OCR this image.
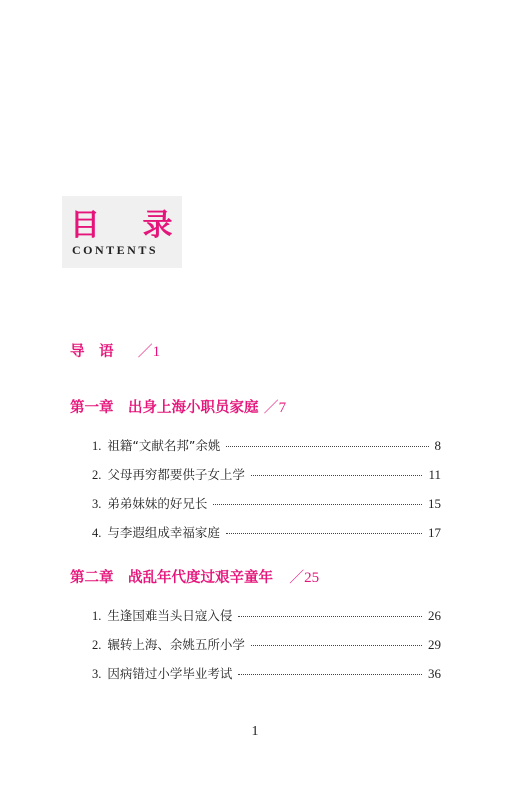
目 录
CONTENTS
导　语 ／1
第一章　出身上海小职员家庭 ／7
1. 祖籍“文献名邦”余姚	8
2. 父母再穷都要供子女上学	11
3. 弟弟妹妹的好兄长	15
4. 与李遐组成幸福家庭	17
第二章　战乱年代度过艰辛童年 ／25
1. 生逢国难当头日寇入侵	26
2. 辗转上海、余姚五所小学	29
3. 因病错过小学毕业考试	36
1
